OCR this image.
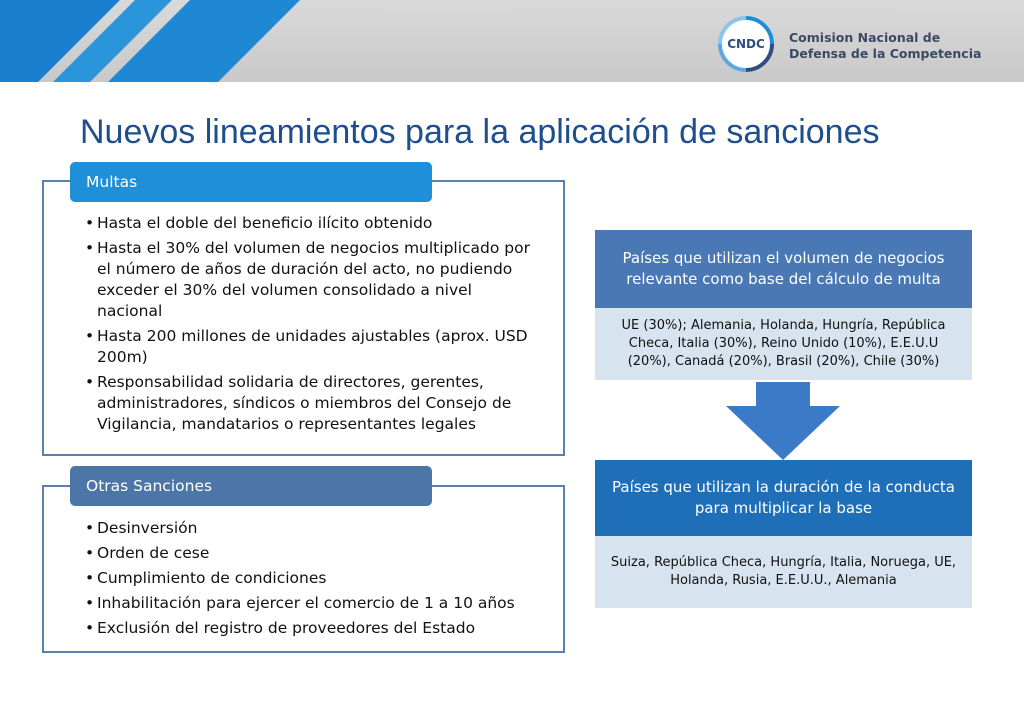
CNDC Comision Nacional de
Defensa de la Competencia
Nuevos lineamientos para la aplicación de sanciones
Multas
• Hasta el doble del beneficio ilícito obtenido
• Hasta el 30% del volumen de negocios multiplicado por el número de años de duración del acto, no pudiendo exceder el 30% del volumen consolidado a nivel nacional
• Hasta 200 millones de unidades ajustables (aprox. USD 200m)
• Responsabilidad solidaria de directores, gerentes, administradores, síndicos o miembros del Consejo de Vigilancia, mandatarios o representantes legales
Otras Sanciones
• Desinversión
• Orden de cese
• Cumplimiento de condiciones
• Inhabilitación para ejercer el comercio de 1 a 10 años
• Exclusión del registro de proveedores del Estado
Países que utilizan el volumen de negocios relevante como base del cálculo de multa
UE (30%); Alemania, Holanda, Hungría, República Checa, Italia (30%), Reino Unido (10%), E.E.U.U (20%), Canadá (20%), Brasil (20%), Chile (30%)
Países que utilizan la duración de la conducta para multiplicar la base
Suiza, República Checa, Hungría, Italia, Noruega, UE, Holanda, Rusia, E.E.U.U., Alemania
